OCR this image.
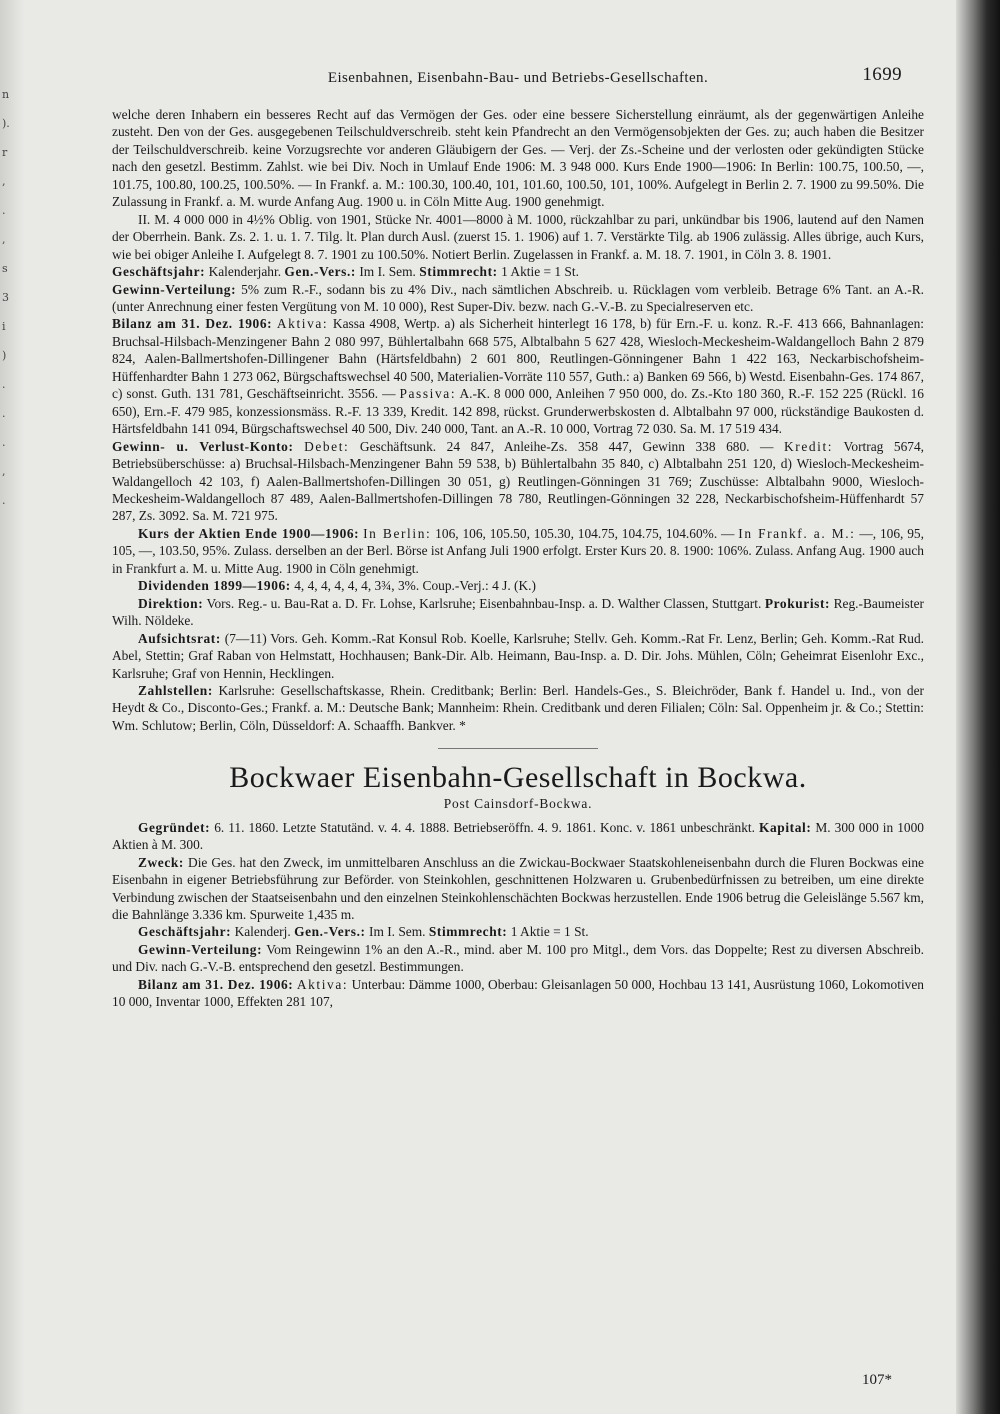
n
).
r
,
.
,
s
3
i
)
.
.
.
,
.
Eisenbahnen, Eisenbahn-Bau- und Betriebs-Gesellschaften.	1699

welche deren Inhabern ein besseres Recht auf das Vermögen der Ges. oder eine bessere Sicherstellung einräumt, als der gegenwärtigen Anleihe zusteht. Den von der Ges. ausgegebenen Teilschuldverschreib. steht kein Pfandrecht an den Vermögensobjekten der Ges. zu; auch haben die Besitzer der Teilschuldverschreib. keine Vorzugsrechte vor anderen Gläubigern der Ges. — Verj. der Zs.-Scheine und der verlosten oder gekündigten Stücke nach den gesetzl. Bestimm. Zahlst. wie bei Div. Noch in Umlauf Ende 1906: M. 3 948 000. Kurs Ende 1900—1906: In Berlin: 100.75, 100.50, —, 101.75, 100.80, 100.25, 100.50%. — In Frankf. a. M.: 100.30, 100.40, 101, 101.60, 100.50, 101, 100%. Aufgelegt in Berlin 2. 7. 1900 zu 99.50%. Die Zulassung in Frankf. a. M. wurde Anfang Aug. 1900 u. in Cöln Mitte Aug. 1900 genehmigt.

II. M. 4 000 000 in 4½% Oblig. von 1901, Stücke Nr. 4001—8000 à M. 1000, rückzahlbar zu pari, unkündbar bis 1906, lautend auf den Namen der Oberrhein. Bank. Zs. 2. 1. u. 1. 7. Tilg. lt. Plan durch Ausl. (zuerst 15. 1. 1906) auf 1. 7. Verstärkte Tilg. ab 1906 zulässig. Alles übrige, auch Kurs, wie bei obiger Anleihe I. Aufgelegt 8. 7. 1901 zu 100.50%. Notiert Berlin. Zugelassen in Frankf. a. M. 18. 7. 1901, in Cöln 3. 8. 1901.

Geschäftsjahr: Kalenderjahr. Gen.-Vers.: Im I. Sem. Stimmrecht: 1 Aktie = 1 St.

Gewinn-Verteilung: 5% zum R.-F., sodann bis zu 4% Div., nach sämtlichen Abschreib. u. Rücklagen vom verbleib. Betrage 6% Tant. an A.-R. (unter Anrechnung einer festen Vergütung von M. 10 000), Rest Super-Div. bezw. nach G.-V.-B. zu Specialreserven etc.

Bilanz am 31. Dez. 1906: Aktiva: Kassa 4908, Wertp. a) als Sicherheit hinterlegt 16 178, b) für Ern.-F. u. konz. R.-F. 413 666, Bahnanlagen: Bruchsal-Hilsbach-Menzingener Bahn 2 080 997, Bühlertalbahn 668 575, Albtalbahn 5 627 428, Wiesloch-Meckesheim-Waldangelloch Bahn 2 879 824, Aalen-Ballmertshofen-Dillingener Bahn (Härtsfeldbahn) 2 601 800, Reutlingen-Gönningener Bahn 1 422 163, Neckarbischofsheim-Hüffenhardter Bahn 1 273 062, Bürgschaftswechsel 40 500, Materialien-Vorräte 110 557, Guth.: a) Banken 69 566, b) Westd. Eisenbahn-Ges. 174 867, c) sonst. Guth. 131 781, Geschäftseinricht. 3556. — Passiva: A.-K. 8 000 000, Anleihen 7 950 000, do. Zs.-Kto 180 360, R.-F. 152 225 (Rückl. 16 650), Ern.-F. 479 985, konzessionsmäss. R.-F. 13 339, Kredit. 142 898, rückst. Grunderwerbskosten d. Albtalbahn 97 000, rückständige Baukosten d. Härtsfeldbahn 141 094, Bürgschaftswechsel 40 500, Div. 240 000, Tant. an A.-R. 10 000, Vortrag 72 030. Sa. M. 17 519 434.

Gewinn- u. Verlust-Konto: Debet: Geschäftsunk. 24 847, Anleihe-Zs. 358 447, Gewinn 338 680. — Kredit: Vortrag 5674, Betriebsüberschüsse: a) Bruchsal-Hilsbach-Menzingener Bahn 59 538, b) Bühlertalbahn 35 840, c) Albtalbahn 251 120, d) Wiesloch-Meckesheim-Waldangelloch 42 103, f) Aalen-Ballmertshofen-Dillingen 30 051, g) Reutlingen-Gönningen 31 769; Zuschüsse: Albtalbahn 9000, Wiesloch-Meckesheim-Waldangelloch 87 489, Aalen-Ballmertshofen-Dillingen 78 780, Reutlingen-Gönningen 32 228, Neckarbischofsheim-Hüffenhardt 57 287, Zs. 3092. Sa. M. 721 975.

Kurs der Aktien Ende 1900—1906: In Berlin: 106, 106, 105.50, 105.30, 104.75, 104.75, 104.60%. — In Frankf. a. M.: —, 106, 95, 105, —, 103.50, 95%. Zulass. derselben an der Berl. Börse ist Anfang Juli 1900 erfolgt. Erster Kurs 20. 8. 1900: 106%. Zulass. Anfang Aug. 1900 auch in Frankfurt a. M. u. Mitte Aug. 1900 in Cöln genehmigt.

Dividenden 1899—1906: 4, 4, 4, 4, 4, 4, 3¾, 3%. Coup.-Verj.: 4 J. (K.)

Direktion: Vors. Reg.- u. Bau-Rat a. D. Fr. Lohse, Karlsruhe; Eisenbahnbau-Insp. a. D. Walther Classen, Stuttgart. Prokurist: Reg.-Baumeister Wilh. Nöldeke.

Aufsichtsrat: (7—11) Vors. Geh. Komm.-Rat Konsul Rob. Koelle, Karlsruhe; Stellv. Geh. Komm.-Rat Fr. Lenz, Berlin; Geh. Komm.-Rat Rud. Abel, Stettin; Graf Raban von Helmstatt, Hochhausen; Bank-Dir. Alb. Heimann, Bau-Insp. a. D. Dir. Johs. Mühlen, Cöln; Geheimrat Eisenlohr Exc., Karlsruhe; Graf von Hennin, Hecklingen.

Zahlstellen: Karlsruhe: Gesellschaftskasse, Rhein. Creditbank; Berlin: Berl. Handels-Ges., S. Bleichröder, Bank f. Handel u. Ind., von der Heydt & Co., Disconto-Ges.; Frankf. a. M.: Deutsche Bank; Mannheim: Rhein. Creditbank und deren Filialen; Cöln: Sal. Oppenheim jr. & Co.; Stettin: Wm. Schlutow; Berlin, Cöln, Düsseldorf: A. Schaaffh. Bankver. *

Bockwaer Eisenbahn-Gesellschaft in Bockwa.
Post Cainsdorf-Bockwa.

Gegründet: 6. 11. 1860. Letzte Statutänd. v. 4. 4. 1888. Betriebseröffn. 4. 9. 1861. Konc. v. 1861 unbeschränkt. Kapital: M. 300 000 in 1000 Aktien à M. 300.

Zweck: Die Ges. hat den Zweck, im unmittelbaren Anschluss an die Zwickau-Bockwaer Staatskohleneisenbahn durch die Fluren Bockwas eine Eisenbahn in eigener Betriebsführung zur Beförder. von Steinkohlen, geschnittenen Holzwaren u. Grubenbedürfnissen zu betreiben, um eine direkte Verbindung zwischen der Staatseisenbahn und den einzelnen Steinkohlenschächten Bockwas herzustellen. Ende 1906 betrug die Geleislänge 5.567 km, die Bahnlänge 3.336 km. Spurweite 1,435 m.

Geschäftsjahr: Kalenderj. Gen.-Vers.: Im I. Sem. Stimmrecht: 1 Aktie = 1 St.

Gewinn-Verteilung: Vom Reingewinn 1% an den A.-R., mind. aber M. 100 pro Mitgl., dem Vors. das Doppelte; Rest zu diversen Abschreib. und Div. nach G.-V.-B. entsprechend den gesetzl. Bestimmungen.

Bilanz am 31. Dez. 1906: Aktiva: Unterbau: Dämme 1000, Oberbau: Gleisanlagen 50 000, Hochbau 13 141, Ausrüstung 1060, Lokomotiven 10 000, Inventar 1000, Effekten 281 107,

107*
